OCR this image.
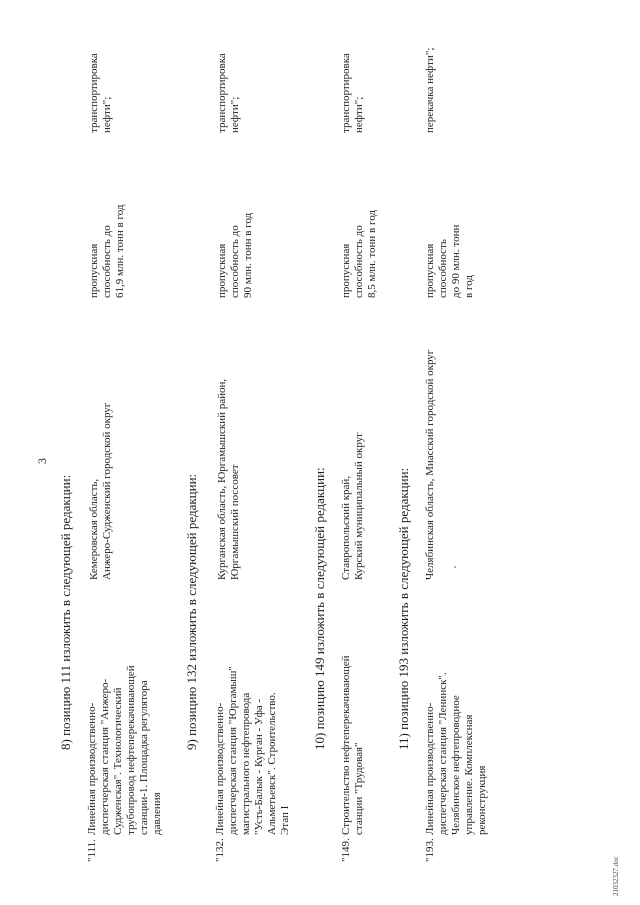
3
8) позицию 111 изложить в следующей редакции:
"111.
Линейная производственно- диспетчерская станция "Анжеро- Судженская". Технологический трубопровод нефтеперекачивающей станции-1. Площадка регулятора давления
Кемеровская область, Анжеро-Судженский городской округ
пропускная способность до 61,9 млн. тонн в год
транспортировка нефти";
9) позицию 132 изложить в следующей редакции:
"132.
Линейная производственно- диспетчерская станция "Юргамыш" магистрального нефтепровода "Усть-Балык - Курган - Уфа - Альметьевск". Строительство. Этап I
Курганская область, Юргамышский район, Юргамышский поссовет
пропускная способность до 90 млн. тонн в год
транспортировка нефти";
10) позицию 149 изложить в следующей редакции:
"149.
Строительство нефтеперекачивающей станции "Трудовая"
Ставропольский край, Курский муниципальный округ
пропускная способность до 8,5 млн. тонн в год
транспортировка нефти";
11) позицию 193 изложить в следующей редакции:
"193.
Линейная производственно- диспетчерская станция "Ленинск". Челябинское нефтепроводное управление. Комплексная реконструкция
Челябинская область, Миасский городской округ
пропускная способность до 90 млн. тонн в год
перекачка нефти";
21032327.doc
